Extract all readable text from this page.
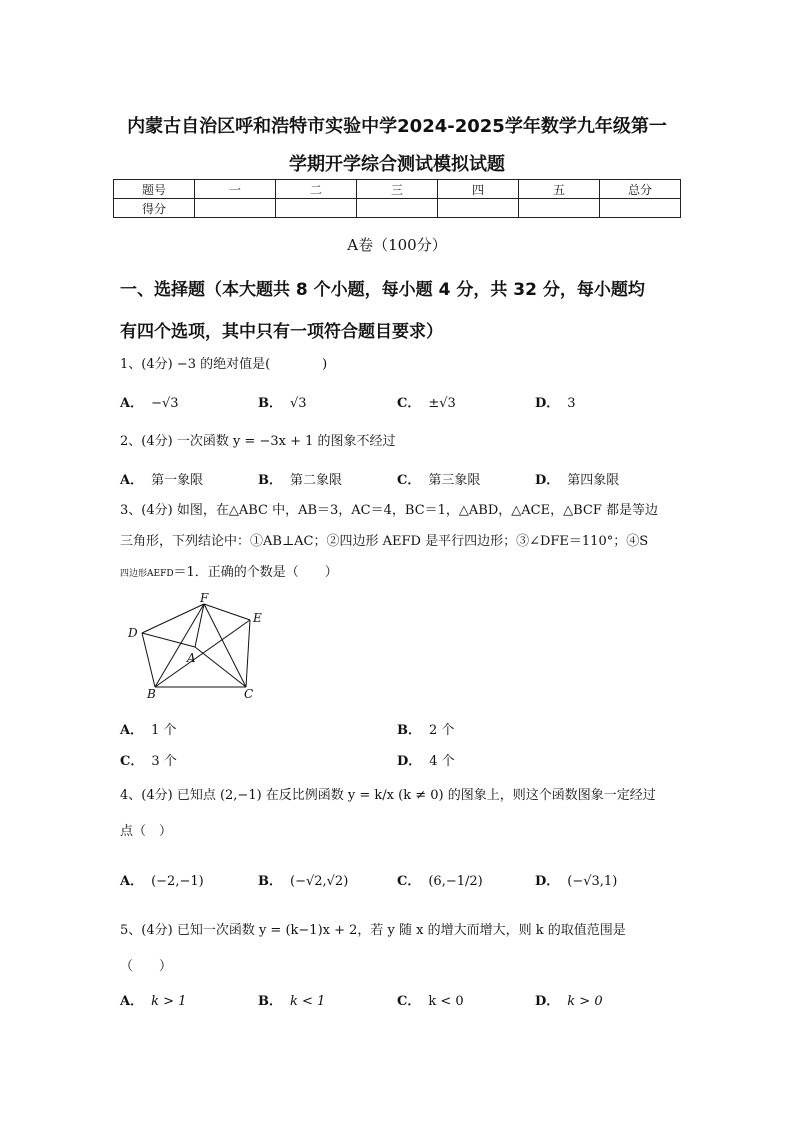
内蒙古自治区呼和浩特市实验中学2024-2025学年数学九年级第一
学期开学综合测试模拟试题
题号	一	二	三	四	五	总分
得分						
A卷（100分）
一、选择题（本大题共 8 个小题，每小题 4 分，共 32 分，每小题均
有四个选项，其中只有一项符合题目要求）
1、(4分) −3 的绝对值是(　　　　)
A． −√3	B． √3	C． ±√3	D． 3
2、(4分) 一次函数 y = −3x + 1 的图象不经过
A． 第一象限	B． 第二象限	C． 第三象限	D． 第四象限
3、(4分) 如图，在△ABC 中，AB＝3，AC＝4，BC＝1，△ABD，△ACE，△BCF 都是等边
三角形，下列结论中：①AB⊥AC；②四边形 AEFD 是平行四边形；③∠DFE＝110°；④S
四边形AEFD＝1．正确的个数是（　　）
F
E
D
A
B	C
A． 1 个	B． 2 个
C． 3 个	D． 4 个
4、(4分) 已知点 (2,−1) 在反比例函数 y = k/x (k ≠ 0) 的图象上，则这个函数图象一定经过
点（　）
A． (−2,−1)	B． (−√2,√2)	C． (6,−1/2)	D． (−√3,1)
5、(4分) 已知一次函数 y = (k−1)x + 2，若 y 随 x 的增大而增大，则 k 的取值范围是
（　　）
A． k > 1	B． k < 1	C． k < 0	D． k > 0
